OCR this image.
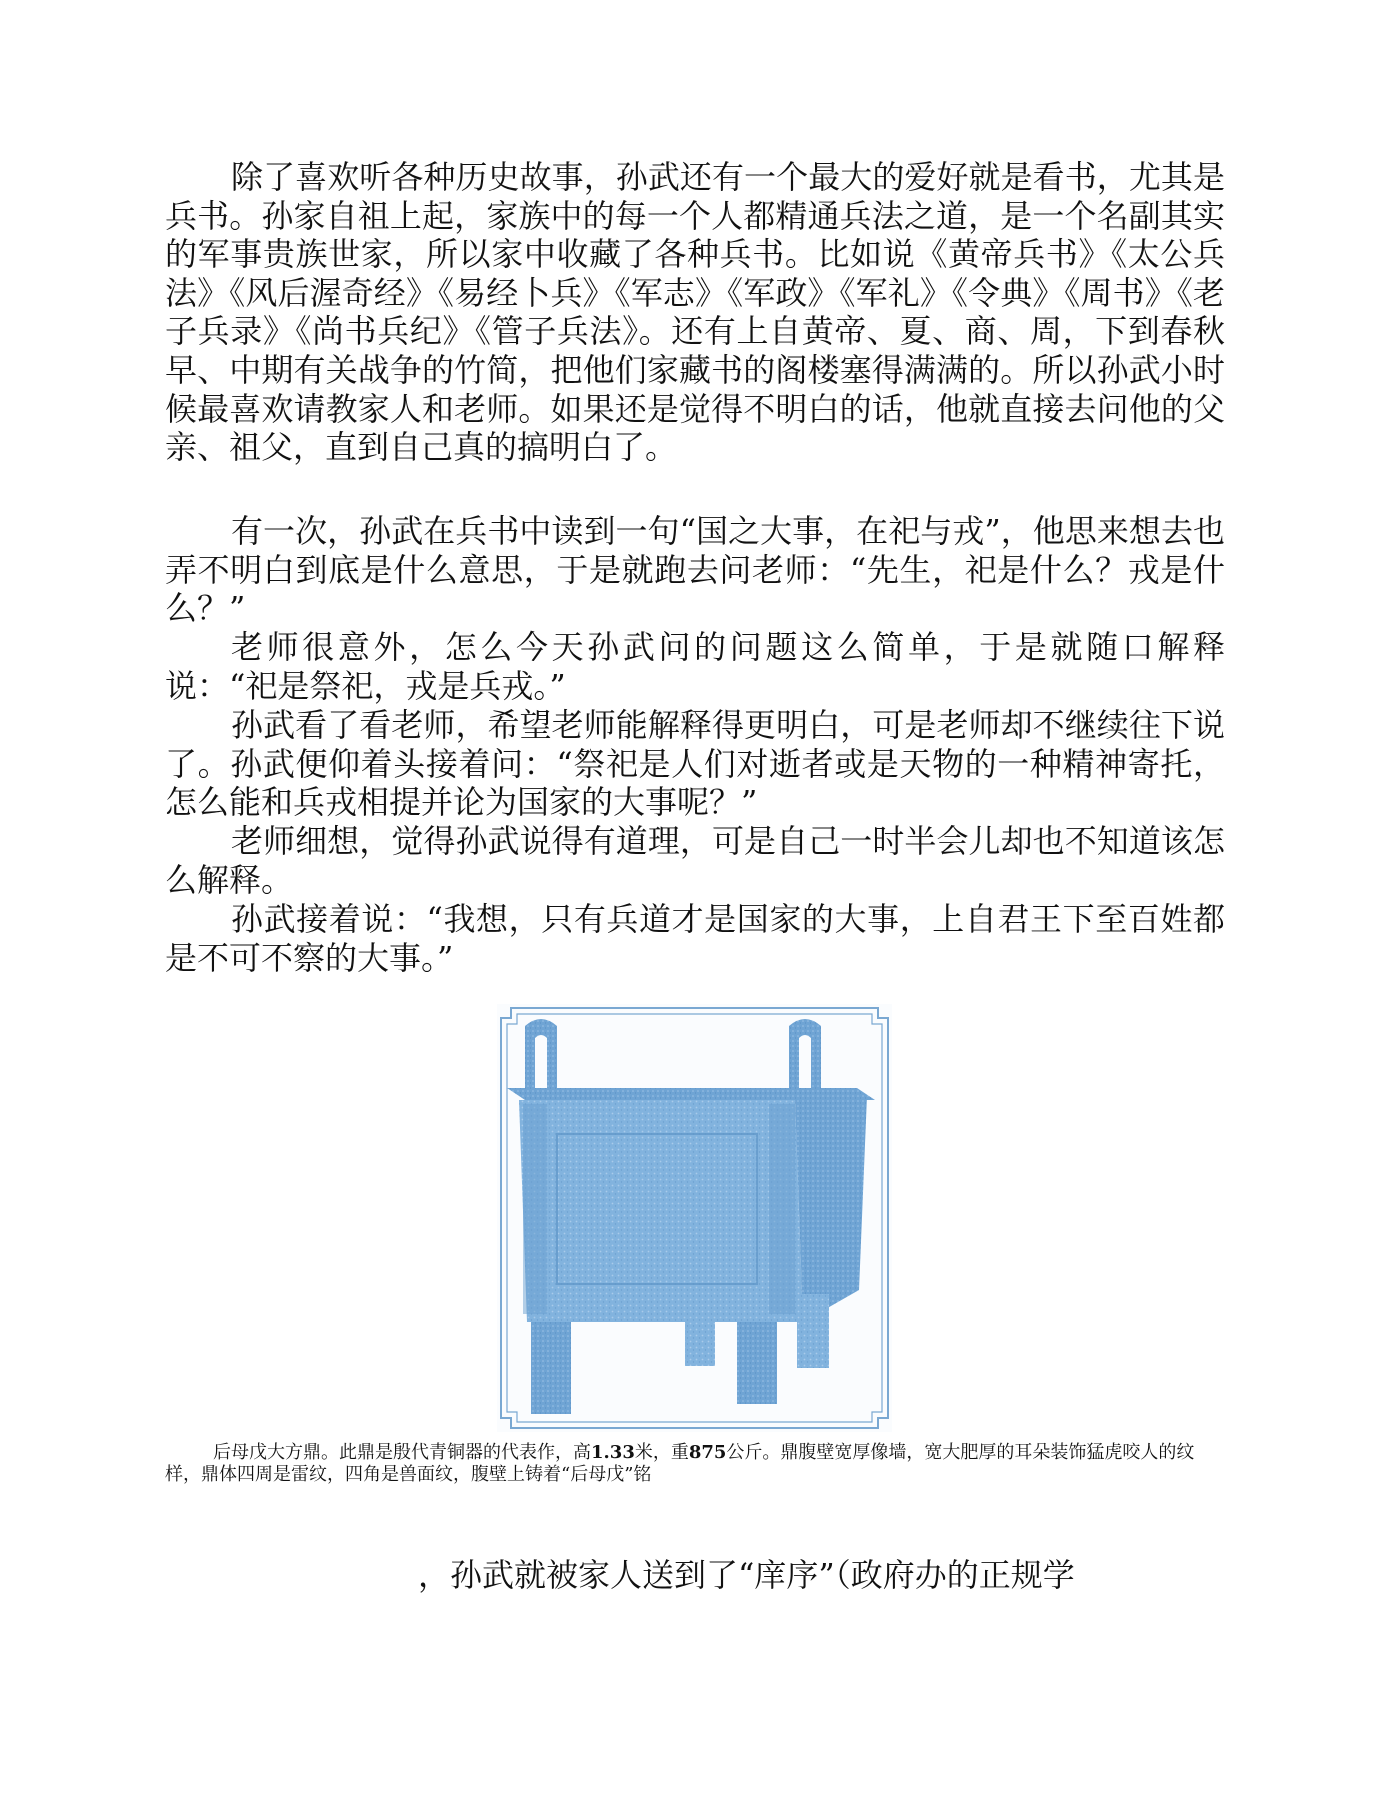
除了喜欢听各种历史故事，孙武还有一个最大的爱好就是看书，尤其是兵书。孙家自祖上起，家族中的每一个人都精通兵法之道，是一个名副其实的军事贵族世家，所以家中收藏了各种兵书。比如说《黄帝兵书》《太公兵法》《风后渥奇经》《易经卜兵》《军志》《军政》《军礼》《令典》《周书》《老子兵录》《尚书兵纪》《管子兵法》。还有上自黄帝、夏、商、周，下到春秋早、中期有关战争的竹简，把他们家藏书的阁楼塞得满满的。所以孙武小时候最喜欢请教家人和老师。如果还是觉得不明白的话，他就直接去问他的父亲、祖父，直到自己真的搞明白了。

有一次，孙武在兵书中读到一句“国之大事，在祀与戎”，他思来想去也弄不明白到底是什么意思，于是就跑去问老师：“先生，祀是什么？戎是什么？”

老师很意外，怎么今天孙武问的问题这么简单，于是就随口解释说：“祀是祭祀，戎是兵戎。”

孙武看了看老师，希望老师能解释得更明白，可是老师却不继续往下说了。孙武便仰着头接着问：“祭祀是人们对逝者或是天物的一种精神寄托，怎么能和兵戎相提并论为国家的大事呢？”

老师细想，觉得孙武说得有道理，可是自己一时半会儿却也不知道该怎么解释。

孙武接着说：“我想，只有兵道才是国家的大事，上自君王下至百姓都是不可不察的大事。”

后母戊大方鼎。此鼎是殷代青铜器的代表作，高1.33米，重875公斤。鼎腹壁宽厚像墙，宽大肥厚的耳朵装饰猛虎咬人的纹样，鼎体四周是雷纹，四角是兽面纹，腹壁上铸着“后母戊”铭

，孙武就被家人送到了“庠序”（政府办的正规学
